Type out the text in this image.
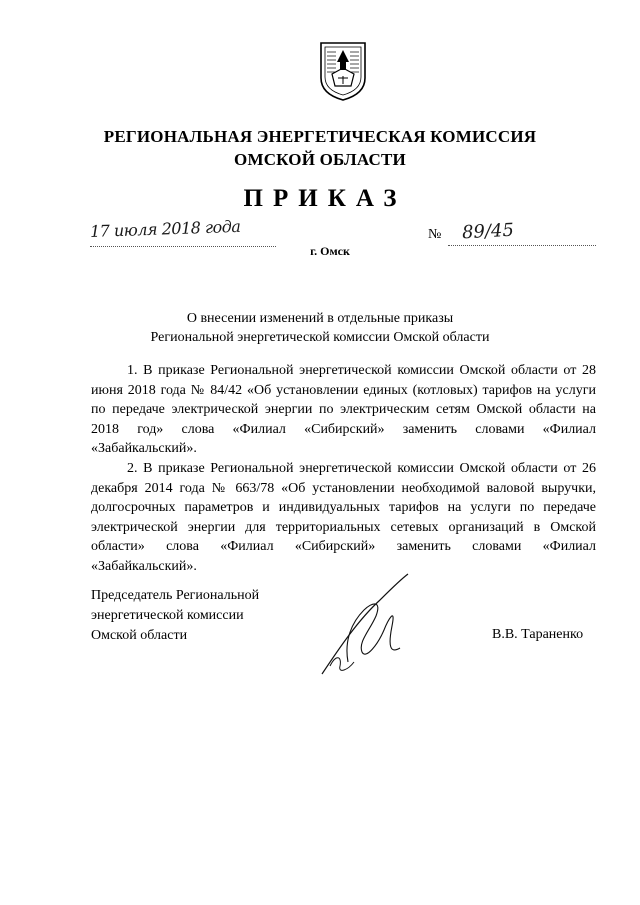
РЕГИОНАЛЬНАЯ ЭНЕРГЕТИЧЕСКАЯ КОМИССИЯ
ОМСКОЙ ОБЛАСТИ
ПРИКАЗ
17 июля 2018 года	№ 89/45
г. Омск
О внесении изменений в отдельные приказы
Региональной энергетической комиссии Омской области

1. В приказе Региональной энергетической комиссии Омской области от 28 июня 2018 года № 84/42 «Об установлении единых (котловых) тарифов на услуги по передаче электрической энергии по электрическим сетям Омской области на 2018 год» слова «Филиал «Сибирский» заменить словами «Филиал «Забайкальский».

2. В приказе Региональной энергетической комиссии Омской области от 26 декабря 2014 года № 663/78 «Об установлении необходимой валовой выручки, долгосрочных параметров и индивидуальных тарифов на услуги по передаче электрической энергии для территориальных сетевых организаций в Омской области» слова «Филиал «Сибирский» заменить словами «Филиал «Забайкальский».

Председатель Региональной
энергетической комиссии
Омской области	В.В. Тараненко
